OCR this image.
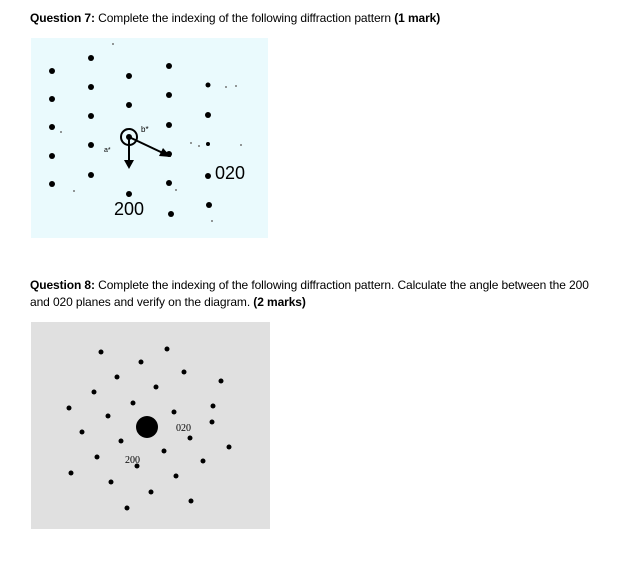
Question 7: Complete the indexing of the following diffraction pattern (1 mark)

b*
a*
200
020

Question 8: Complete the indexing of the following diffraction pattern. Calculate the angle between the 200 and 020 planes and verify on the diagram. (2 marks)

020
200
